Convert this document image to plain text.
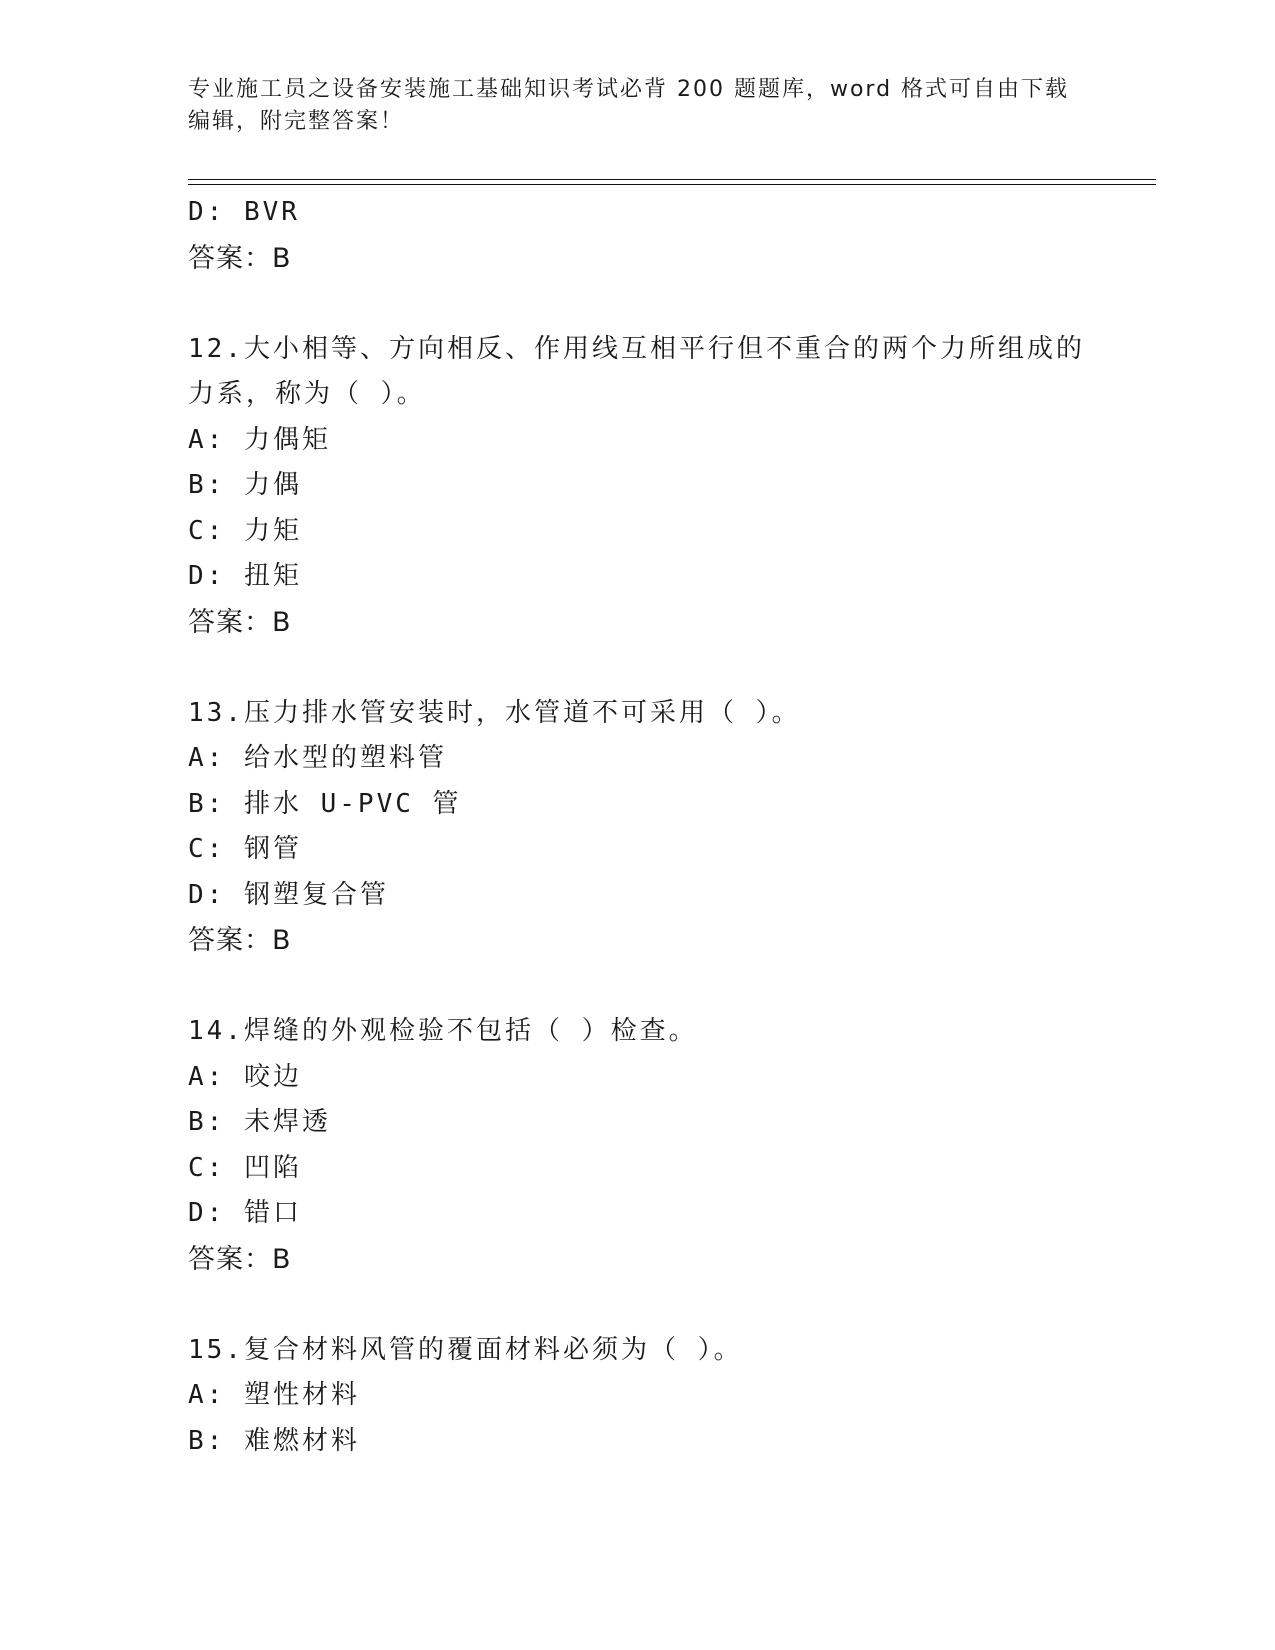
专业施工员之设备安装施工基础知识考试必背 200 题题库，word 格式可自由下载
编辑，附完整答案！
D: BVR
答案：B
12.大小相等、方向相反、作用线互相平行但不重合的两个力所组成的
力系，称为（ ）。
A: 力偶矩
B: 力偶
C: 力矩
D: 扭矩
答案：B
13.压力排水管安装时，水管道不可采用（ ）。
A: 给水型的塑料管
B: 排水 U-PVC 管
C: 钢管
D: 钢塑复合管
答案：B
14.焊缝的外观检验不包括（ ）检查。
A: 咬边
B: 未焊透
C: 凹陷
D: 错口
答案：B
15.复合材料风管的覆面材料必须为（ ）。
A: 塑性材料
B: 难燃材料
